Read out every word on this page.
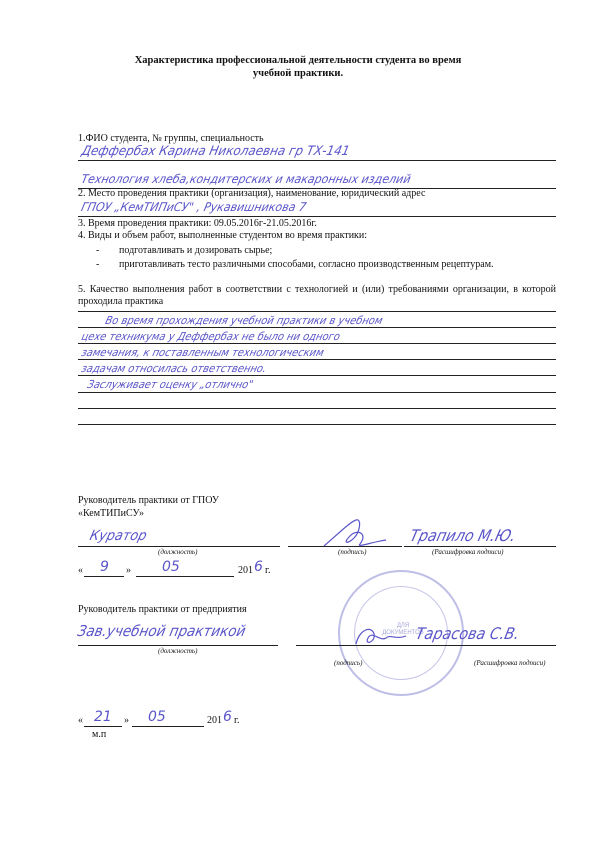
Характеристика профессиональной деятельности студента во время
учебной практики.
1.ФИО студента, № группы, специальность
Деффербах Карина Николаевна гр ТХ-141
Технология хлеба,кондитерских и макаронных изделий
2. Место проведения практики (организация), наименование, юридический адрес
ГПОУ „КемТИПиСУ" , Рукавишникова 7
3. Время проведения практики: 09.05.2016г-21.05.2016г.
4. Виды и объем работ, выполненные студентом во время практики:
- подготавливать и дозировать сырье;
-	приготавливать тесто различными способами, согласно производственным рецептурам.
5. Качество выполнения работ в соответствии с технологией и (или) требованиями организации, в которой проходила практика
Во время прохождения учебной практики в учебном
цехе техникума у Деффербах не было ни одного
замечания, к поставленным технологическим
задачам относилась ответственно.
Заслуживает оценку „отлично"
Руководитель практики от ГПОУ
«КемТИПиСУ»
Куратор
(должность)	(подпись)
Трапило М.Ю.
(Расшифровка подписи)
« 9 » 05	201 6 г.
ДЛЯ
ДОКУМЕНТОВ
Руководитель практики от предприятия
Зав.учебной практикой
(должность)
(подпись)
Тарасова С.В.
(Расшифровка подписи)
« 21 » 05	201 6 г.
м.п
